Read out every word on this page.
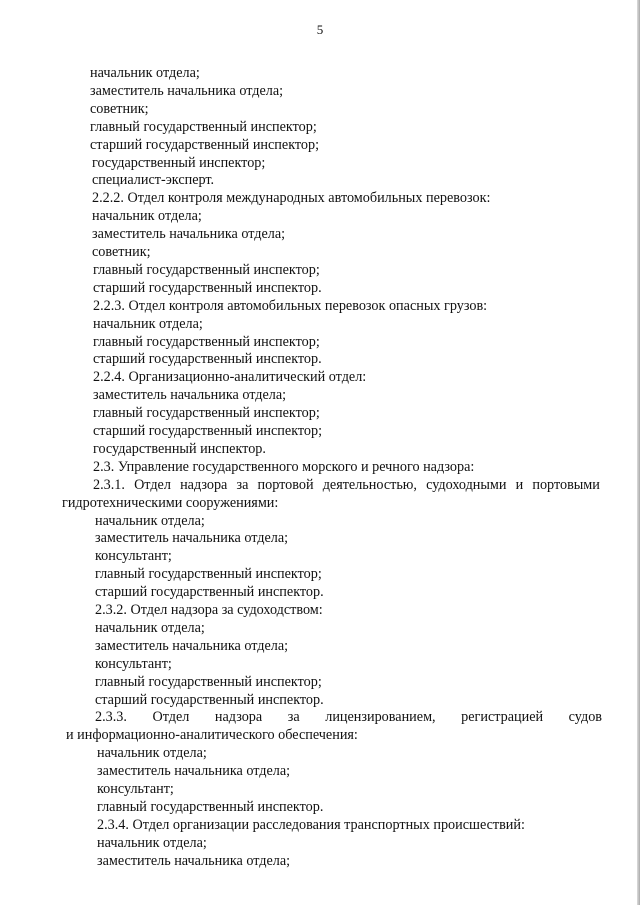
5
начальник отдела;
заместитель начальника отдела;
советник;
главный государственный инспектор;
старший государственный инспектор;
государственный инспектор;
специалист-эксперт.
2.2.2. Отдел контроля международных автомобильных перевозок:
начальник отдела;
заместитель начальника отдела;
советник;
главный государственный инспектор;
старший государственный инспектор.
2.2.3. Отдел контроля автомобильных перевозок опасных грузов:
начальник отдела;
главный государственный инспектор;
старший государственный инспектор.
2.2.4. Организационно-аналитический отдел:
заместитель начальника отдела;
главный государственный инспектор;
старший государственный инспектор;
государственный инспектор.
2.3. Управление государственного морского и речного надзора:
2.3.1. Отдел надзора за портовой деятельностью, судоходными и портовыми
гидротехническими сооружениями:
начальник отдела;
заместитель начальника отдела;
консультант;
главный государственный инспектор;
старший государственный инспектор.
2.3.2. Отдел надзора за судоходством:
начальник отдела;
заместитель начальника отдела;
консультант;
главный государственный инспектор;
старший государственный инспектор.
2.3.3. Отдел надзора за лицензированием, регистрацией судов
и информационно-аналитического обеспечения:
начальник отдела;
заместитель начальника отдела;
консультант;
главный государственный инспектор.
2.3.4. Отдел организации расследования транспортных происшествий:
начальник отдела;
заместитель начальника отдела;
